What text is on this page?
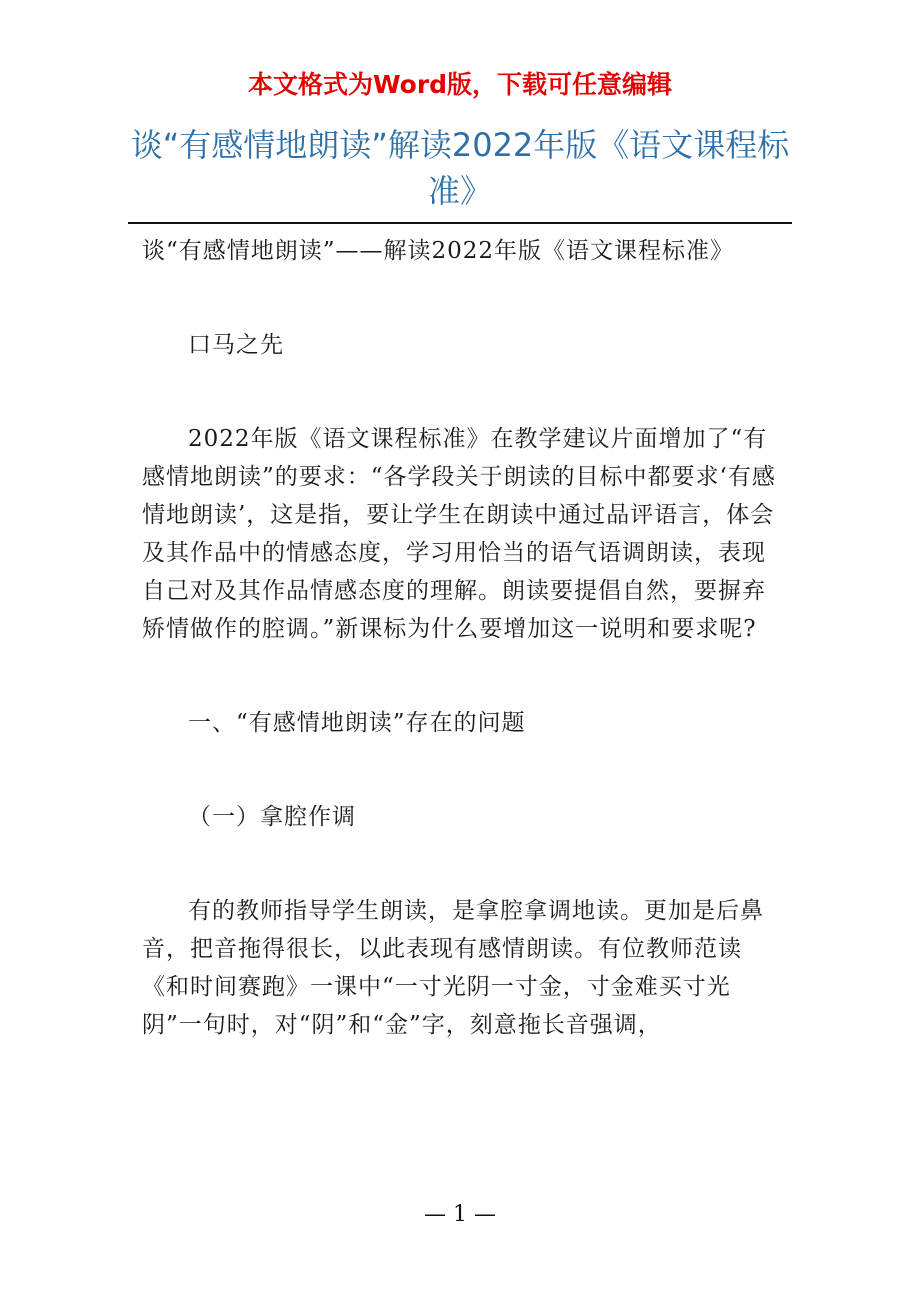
本文格式为Word版，下载可任意编辑
谈“有感情地朗读”解读2022年版《语文课程标准》

谈“有感情地朗读”——解读2022年版《语文课程标准》

口马之先

2022年版《语文课程标准》在教学建议片面增加了“有感情地朗读”的要求：“各学段关于朗读的目标中都要求‘有感情地朗读’，这是指，要让学生在朗读中通过品评语言，体会及其作品中的情感态度，学习用恰当的语气语调朗读，表现自己对及其作品情感态度的理解。朗读要提倡自然，要摒弃矫情做作的腔调。”新课标为什么要增加这一说明和要求呢?

一、“有感情地朗读”存在的问题

（一）拿腔作调

有的教师指导学生朗读，是拿腔拿调地读。更加是后鼻音，把音拖得很长，以此表现有感情朗读。有位教师范读《和时间赛跑》一课中“一寸光阴一寸金，寸金难买寸光阴”一句时，对“阴”和“金”字，刻意拖长音强调，

— 1 —
